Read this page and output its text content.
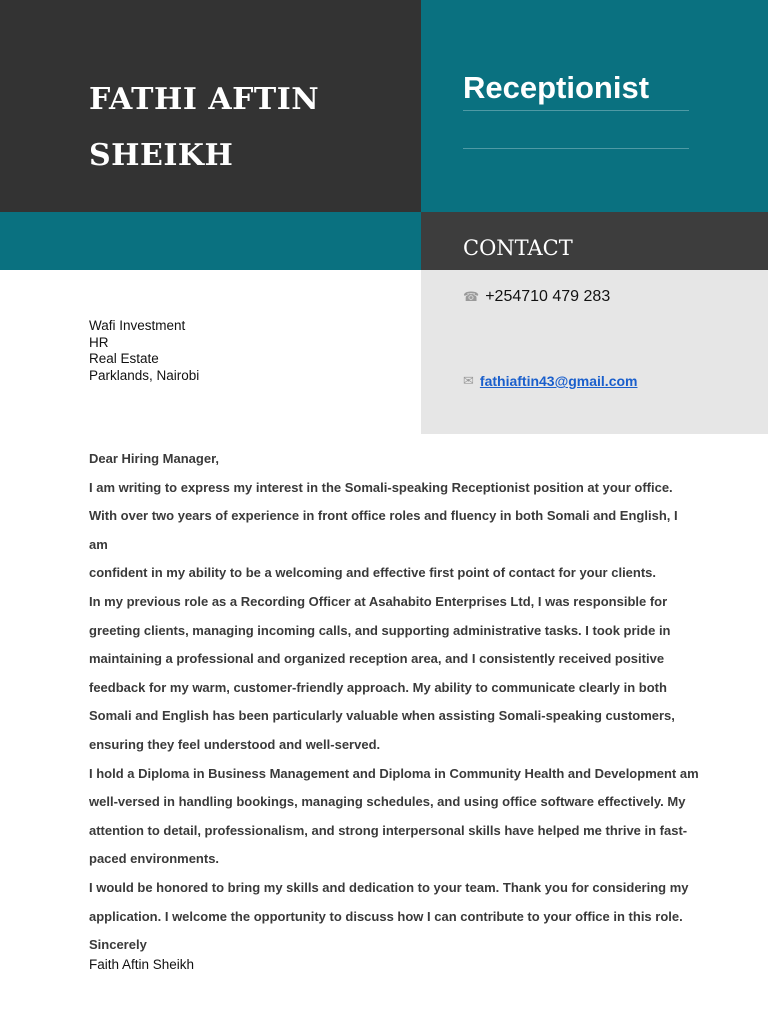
FATHI AFTIN
SHEIKH
Receptionist
CONTACT
☎ +254710 479 283
✉ fathiaftin43@gmail.com
Wafi Investment
HR
Real Estate
Parklands, Nairobi

Dear Hiring Manager,

I am writing to express my interest in the Somali-speaking Receptionist position at your office.

With over two years of experience in front office roles and fluency in both Somali and English, I am

confident in my ability to be a welcoming and effective first point of contact for your clients.

In my previous role as a Recording Officer at Asahabito Enterprises Ltd, I was responsible for

greeting clients, managing incoming calls, and supporting administrative tasks. I took pride in

maintaining a professional and organized reception area, and I consistently received positive

feedback for my warm, customer-friendly approach. My ability to communicate clearly in both

Somali and English has been particularly valuable when assisting Somali-speaking customers,

ensuring they feel understood and well-served.

I hold a Diploma in Business Management and Diploma in Community Health and Development am

well-versed in handling bookings, managing schedules, and using office software effectively. My

attention to detail, professionalism, and strong interpersonal skills have helped me thrive in fast-

paced environments.

I would be honored to bring my skills and dedication to your team. Thank you for considering my

application. I welcome the opportunity to discuss how I can contribute to your office in this role.

Sincerely

Faith Aftin Sheikh
